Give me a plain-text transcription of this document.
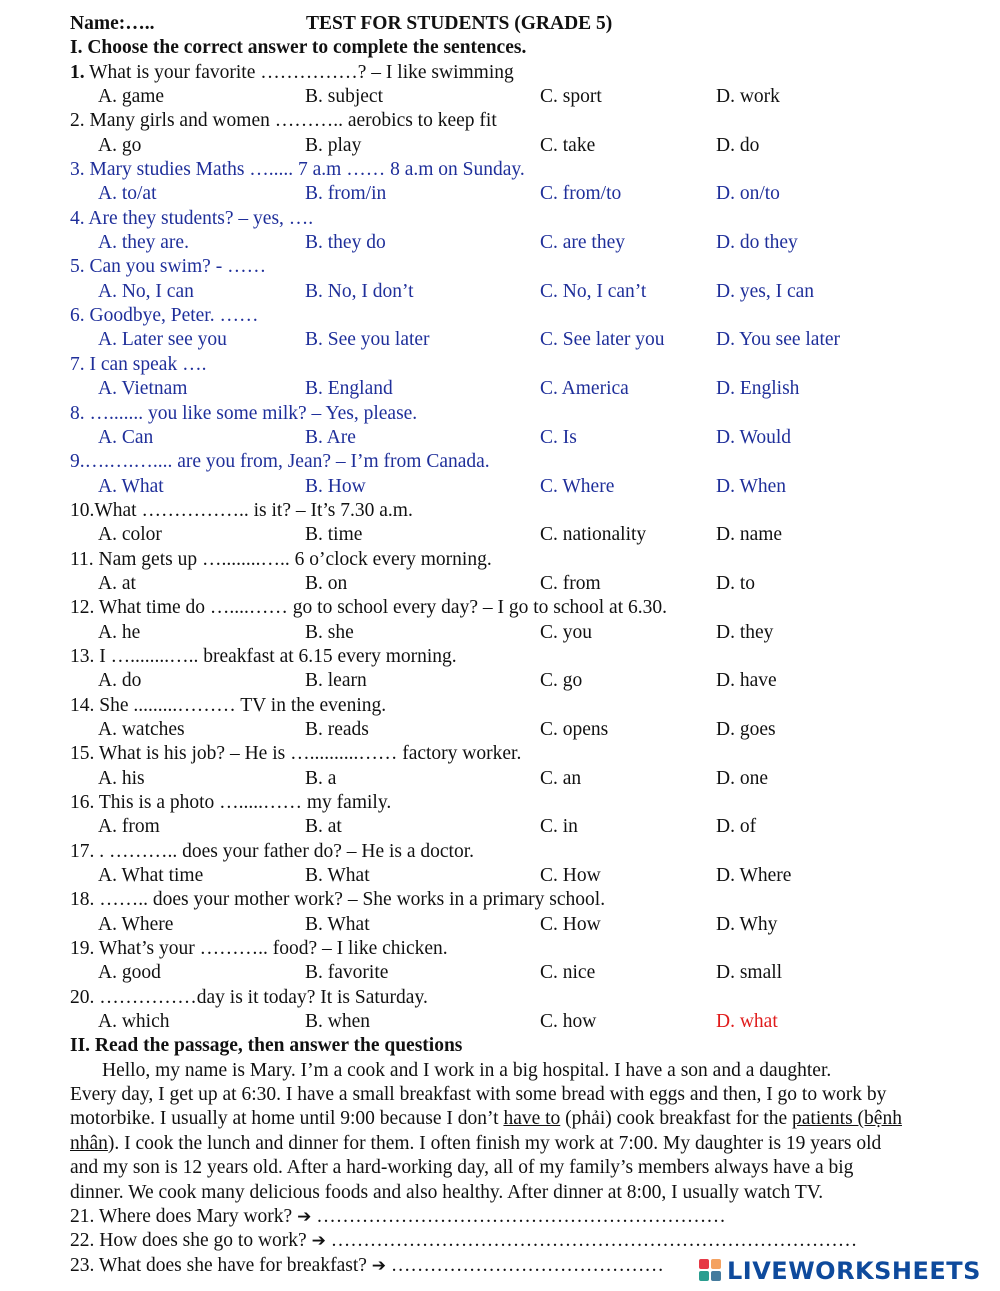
Name:…..	TEST FOR STUDENTS (GRADE 5)
I. Choose the correct answer to complete the sentences.
1. What is your favorite ……………? – I like swimming
A. game	B. subject	C. sport	D. work
2. Many girls and women ……….. aerobics to keep fit
A. go	B. play	C. take	D. do
3. Mary studies Maths …..... 7 a.m …… 8 a.m on Sunday.
A. to/at	B. from/in	C. from/to	D. on/to
4. Are they students? – yes, ….
A. they are.	B. they do	C. are they	D. do they
5. Can you swim? - ……
A. No, I can	B. No, I don’t	C. No, I can’t	D. yes, I can
6. Goodbye, Peter. ……
A. Later see you	B. See you later	C. See later you	D. You see later
7. I can speak ….
A. Vietnam	B. England	C. America	D. English
8. …....... you like some milk? – Yes, please.
A. Can	B. Are	C. Is	D. Would
9.….….….... are you from, Jean? – I’m from Canada.
A. What	B. How	C. Where	D. When
10.What …………….. is it? – It’s 7.30 a.m.
A. color	B. time	C. nationality	D. name
11. Nam gets up …........….. 6 o’clock every morning.
A. at	B. on	C. from	D. to
12. What time do …....…… go to school every day? – I go to school at 6.30.
A. he	B. she	C. you	D. they
13. I …........….. breakfast at 6.15 every morning.
A. do	B. learn	C. go	D. have
14. She .........……… TV in the evening.
A. watches	B. reads	C. opens	D. goes
15. What is his job? – He is …..........…… factory worker.
A. his	B. a	C. an	D. one
16. This is a photo ….....…… my family.
A. from	B. at	C. in	D. of
17. . ……….. does your father do? – He is a doctor.
A. What time	B. What	C. How	D. Where
18. …….. does your mother work? – She works in a primary school.
A. Where	B. What	C. How	D. Why
19. What’s your ……….. food? – I like chicken.
A. good	B. favorite	C. nice	D. small
20. ……………day is it today? It is Saturday.
A. which	B. when	C. how	D. what
II. Read the passage, then answer the questions
Hello, my name is Mary. I’m a cook and I work in a big hospital. I have a son and a daughter.
Every day, I get up at 6:30. I have a small breakfast with some bread with eggs and then, I go to work by
motorbike. I usually at home until 9:00 because I don’t have to (phải) cook breakfast for the patients (bệnh
nhân). I cook the lunch and dinner for them. I often finish my work at 7:00. My daughter is 19 years old
and my son is 12 years old. After a hard-working day, all of my family’s members always have a big
dinner. We cook many delicious foods and also healthy. After dinner at 8:00, I usually watch TV.
21. Where does Mary work? ➔ ………………………………………………………
22. How does she go to work? ➔ ………………………………………………………………………
23. What does she have for breakfast? ➔ ……………………………………	LIVEWORKSHEETS
